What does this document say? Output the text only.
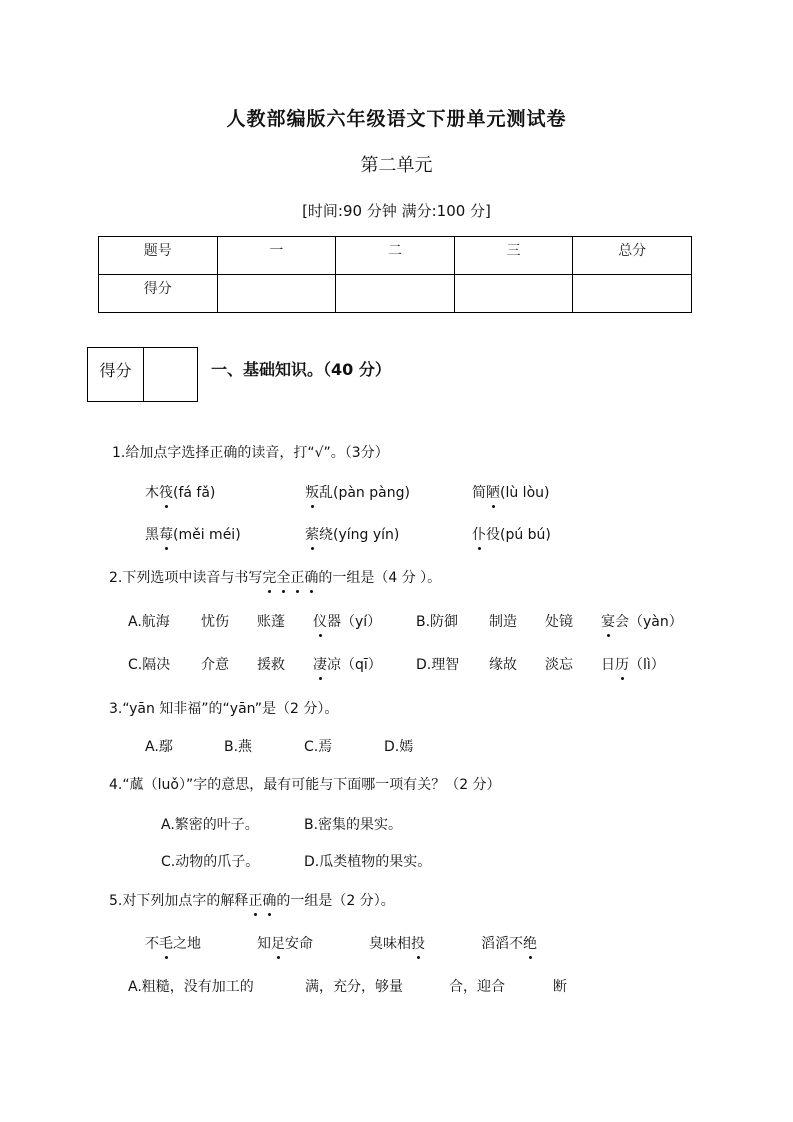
人教部编版六年级语文下册单元测试卷
第二单元
[时间:90 分钟 满分:100 分]
题号	一	二	三	总分
得分				
得分	一、基础知识。（40 分）
1.给加点字选择正确的读音，打“√”。（3分）
木筏(fá fǎ)	叛乱(pàn pàng)	简陋(lù lòu)
黑莓(měi méi)	萦绕(yíng yín)	仆役(pú bú)
2.下列选项中读音与书写完全正确的一组是（4 分 ）。
A.航海 忧伤 账蓬 仪器（yí） B.防御 制造 处镜 宴会（yàn）
C.隔决 介意 援救 凄凉（qī） D.理智 缘故 淡忘 日历（lì）
3.“yān 知非福”的“yān”是（2 分）。
A.鄢	B.燕	C.焉	D.嫣
4.“蓏（luǒ）”字的意思，最有可能与下面哪一项有关？（2 分）
A.繁密的叶子。	B.密集的果实。
C.动物的爪子。	D.瓜类植物的果实。
5.对下列加点字的解释正确的一组是（2 分）。
不毛之地	知足安命	臭味相投	滔滔不绝
A.粗糙，没有加工的	满，充分，够量	合，迎合	断
